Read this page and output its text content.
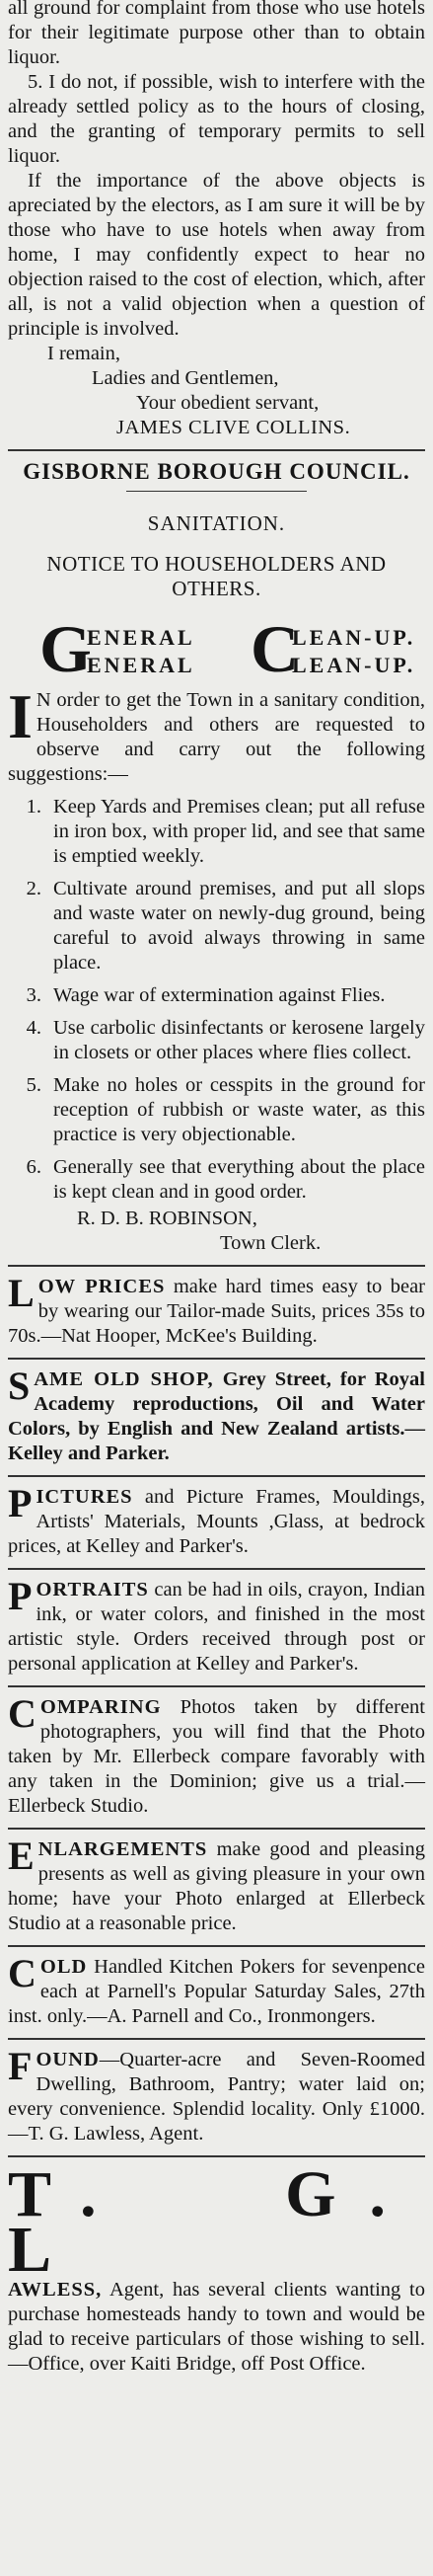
all ground for complaint from those who use hotels for their legitimate purpose other than to obtain liquor.

5. I do not, if possible, wish to interfere with the already settled policy as to the hours of closing, and the granting of temporary permits to sell liquor.

If the importance of the above objects is apreciated by the electors, as I am sure it will be by those who have to use hotels when away from home, I may confidently expect to hear no objection raised to the cost of election, which, after all, is not a valid objection when a question of principle is involved.

I remain,

Ladies and Gentlemen,

Your obedient servant,

JAMES CLIVE COLLINS.

GISBORNE BOROUGH COUNCIL.

SANITATION.

NOTICE TO HOUSEHOLDERS AND OTHERS.

G
ENERAL
ENERAL C
LEAN-UP.
LEAN-UP.
I N order to get the Town in a sanitary condition, Householders and others are requested to observe and carry out the following suggestions:—
1. Keep Yards and Premises clean; put all refuse in iron box, with proper lid, and see that same is emptied weekly.
2. Cultivate around premises, and put all slops and waste water on newly-dug ground, being careful to avoid always throwing in same place.
3. Wage war of extermination against Flies.
4. Use carbolic disinfectants or kerosene largely in closets or other places where flies collect.
5. Make no holes or cesspits in the ground for reception of rubbish or waste water, as this practice is very objectionable.
6. Generally see that everything about the place is kept clean and in good order.

R. D. B. ROBINSON,

Town Clerk.

LOW PRICES make hard times easy to bear by wearing our Tailor-made Suits, prices 35s to 70s.—Nat Hooper, McKee's Building.
SAME OLD SHOP, Grey Street, for Royal Academy reproductions, Oil and Water Colors, by English and New Zealand artists.—Kelley and Parker.
PICTURES and Picture Frames, Mouldings, Artists' Materials, Mounts ,Glass, at bedrock prices, at Kelley and Parker's.
PORTRAITS can be had in oils, crayon, Indian ink, or water colors, and finished in the most artistic style. Orders received through post or personal application at Kelley and Parker's.
COMPARING Photos taken by different photographers, you will find that the Photo taken by Mr. Ellerbeck compare favorably with any taken in the Dominion; give us a trial.—Ellerbeck Studio.
ENLARGEMENTS make good and pleasing presents as well as giving pleasure in your own home; have your Photo enlarged at Ellerbeck Studio at a reasonable price.
COLD Handled Kitchen Pokers for sevenpence each at Parnell's Popular Saturday Sales, 27th inst. only.—A. Parnell and Co., Ironmongers.
FOUND—Quarter-acre and Seven-Roomed Dwelling, Bathroom, Pantry; water laid on; every convenience. Splendid locality. Only £1000.—T. G. Lawless, Agent.
T. G. L
AWLESS, Agent, has several clients wanting to purchase homesteads handy to town and would be glad to receive particulars of those wishing to sell.—Office, over Kaiti Bridge, off Post Office.
